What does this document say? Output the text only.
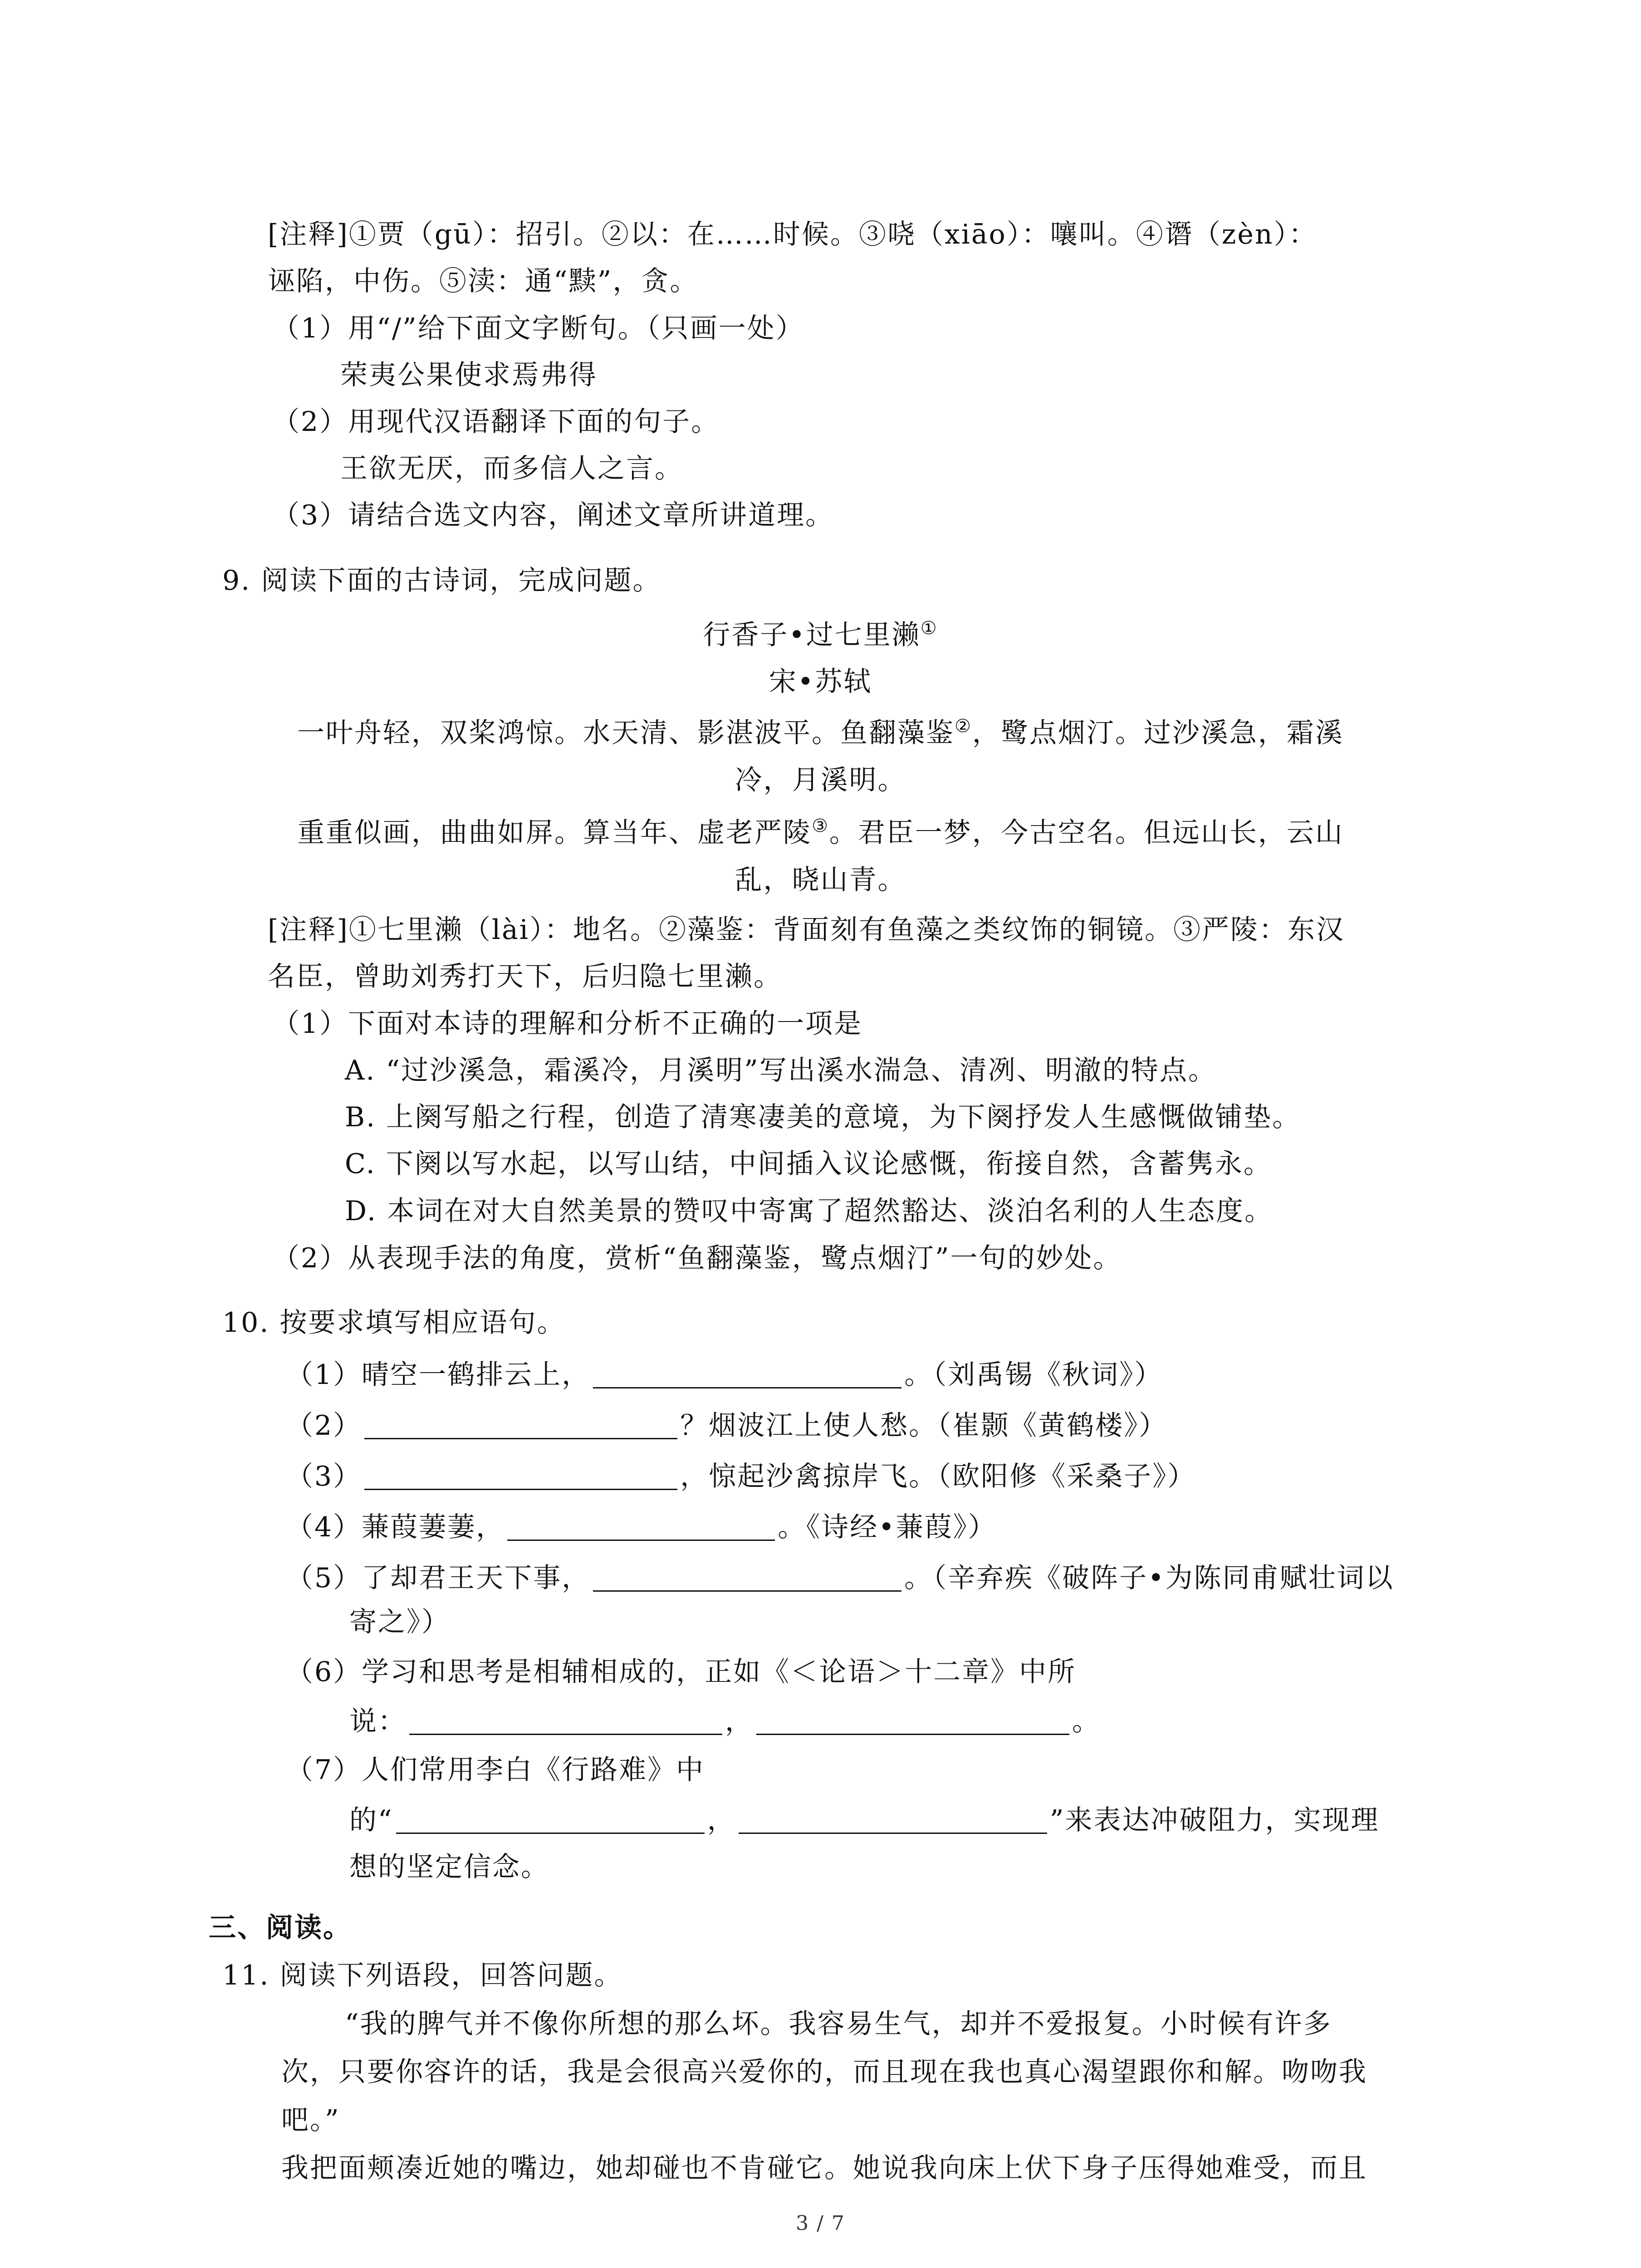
[注释]①贾（gū）：招引。②以：在……时候。③哓（xiāo）：嚷叫。④谮（zèn）：

诬陷，中伤。⑤渎：通“黩”，贪。

（1）用“/”给下面文字断句。（只画一处）

荣夷公果使求焉弗得

（2）用现代汉语翻译下面的句子。

王欲无厌，而多信人之言。

（3）请结合选文内容，阐述文章所讲道理。

9. 阅读下面的古诗词，完成问题。

行香子•过七里濑①

宋•苏轼

一叶舟轻，双桨鸿惊。水天清、影湛波平。鱼翻藻鉴②，鹭点烟汀。过沙溪急，霜溪

冷，月溪明。

重重似画，曲曲如屏。算当年、虚老严陵③。君臣一梦，今古空名。但远山长，云山

乱，晓山青。

[注释]①七里濑（lài）：地名。②藻鉴：背面刻有鱼藻之类纹饰的铜镜。③严陵：东汉

名臣，曾助刘秀打天下，后归隐七里濑。

（1）下面对本诗的理解和分析不正确的一项是

A. “过沙溪急，霜溪冷，月溪明”写出溪水湍急、清冽、明澈的特点。

B. 上阕写船之行程，创造了清寒凄美的意境，为下阕抒发人生感慨做铺垫。

C. 下阕以写水起，以写山结，中间插入议论感慨，衔接自然，含蓄隽永。

D. 本词在对大自然美景的赞叹中寄寓了超然豁达、淡泊名利的人生态度。

（2）从表现手法的角度，赏析“鱼翻藻鉴，鹭点烟汀”一句的妙处。

10. 按要求填写相应语句。

（1）晴空一鹤排云上，	。（刘禹锡《秋词》）

（2）	？烟波江上使人愁。（崔颢《黄鹤楼》）

（3）	，惊起沙禽掠岸飞。（欧阳修《采桑子》）

（4）蒹葭萋萋，	。《诗经•蒹葭》）

（5）了却君王天下事，	。（辛弃疾《破阵子•为陈同甫赋壮词以

寄之》）

（6）学习和思考是相辅相成的，正如《＜论语＞十二章》中所

说：	，	。

（7）人们常用李白《行路难》中

的“	，	”来表达冲破阻力，实现理

想的坚定信念。

三、阅读。

11. 阅读下列语段，回答问题。

“我的脾气并不像你所想的那么坏。我容易生气，却并不爱报复。小时候有许多

次，只要你容许的话，我是会很高兴爱你的，而且现在我也真心渴望跟你和解。吻吻我

吧。”

我把面颊凑近她的嘴边，她却碰也不肯碰它。她说我向床上伏下身子压得她难受，而且

3 / 7
